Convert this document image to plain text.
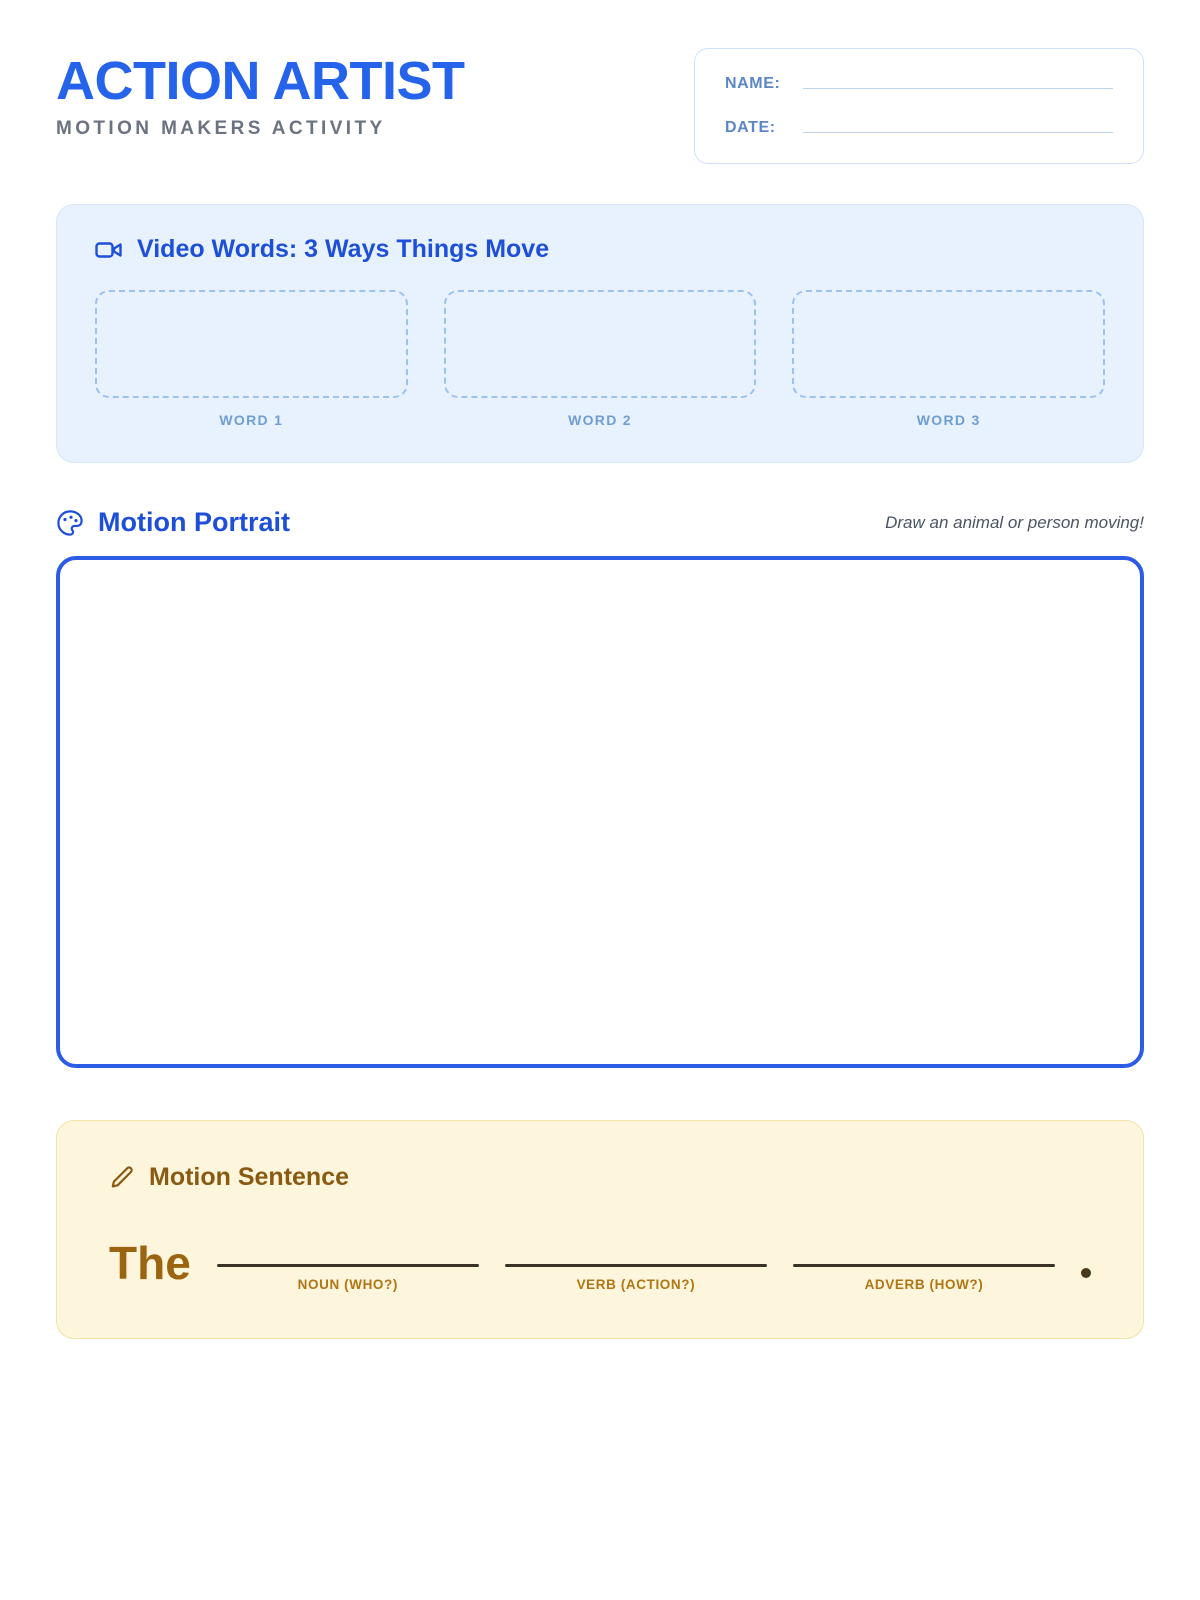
ACTION ARTIST
MOTION MAKERS ACTIVITY
NAME:
DATE:
Video Words: 3 Ways Things Move
WORD 1	WORD 2	WORD 3
Motion Portrait	Draw an animal or person moving!
Motion Sentence
The	NOUN (WHO?)	VERB (ACTION?)	ADVERB (HOW?)
